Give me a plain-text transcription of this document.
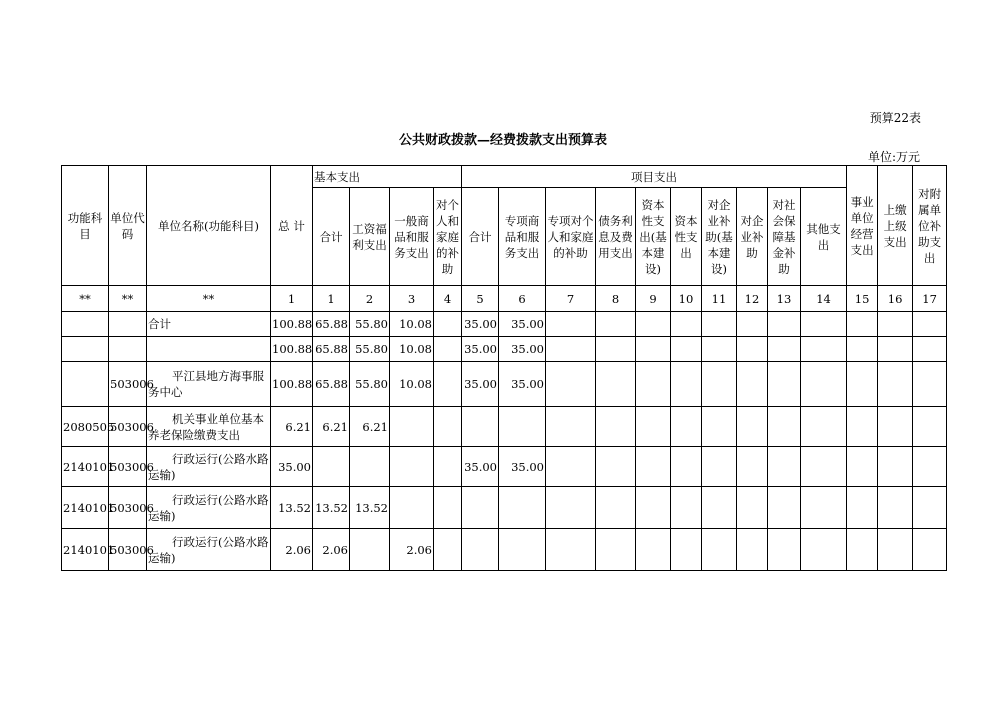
预算22表
公共财政拨款—经费拨款支出预算表
单位:万元
功能科目	单位代码	单位名称(功能科目)	总 计	基本支出				项目支出										事业单位经营支出	上缴上级支出	对附属单位补助支出
				合计	工资福利支出	一般商品和服务支出	对个人和家庭的补助	合计	专项商品和服务支出	专项对个人和家庭的补助	债务利息及费用支出	资本性支出(基本建设)	资本性支出	对企业补助(基本建设)	对企业补助	对社会保障基金补助	其他支出			
**	**	**	1	1	2	3	4	5	6	7	8	9	10	11	12	13	14	15	16	17
		合计	100.88	65.88	55.80	10.08		35.00	35.00											
			100.88	65.88	55.80	10.08		35.00	35.00											
	503006	平江县地方海事服务中心	100.88	65.88	55.80	10.08		35.00	35.00											
2080505	503006	机关事业单位基本养老保险缴费支出	6.21	6.21	6.21															
2140101	503006	行政运行(公路水路运输)	35.00					35.00	35.00											
2140101	503006	行政运行(公路水路运输)	13.52	13.52	13.52															
2140101	503006	行政运行(公路水路运输)	2.06	2.06		2.06														
